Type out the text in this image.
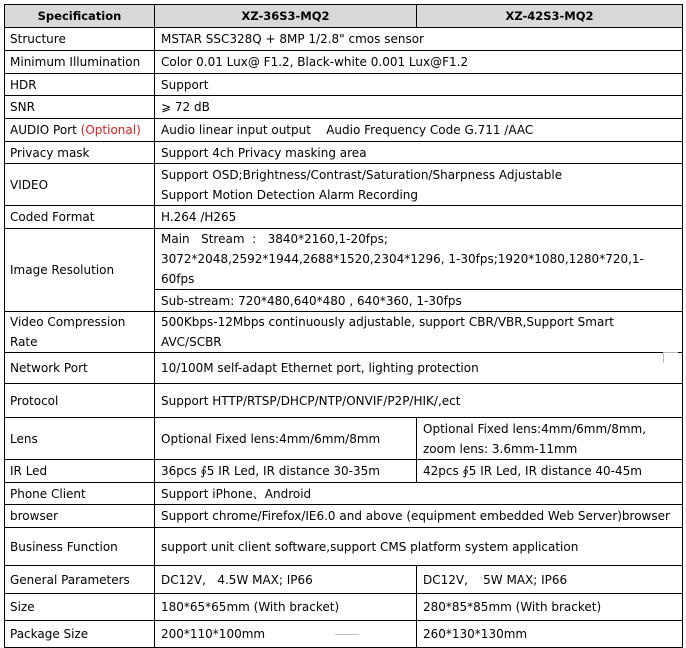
Specification	XZ-36S3-MQ2	XZ-42S3-MQ2
Structure	MSTAR SSC328Q + 8MP 1/2.8" cmos sensor	
Minimum Illumination	Color 0.01 Lux@ F1.2, Black-white 0.001 Lux@F1.2	
HDR	Support	
SNR	⩾ 72 dB	
AUDIO Port (Optional)	Audio linear input output    Audio Frequency Code G.711 /AAC	
Privacy mask	Support 4ch Privacy masking area	
VIDEO	Support OSD;Brightness/Contrast/Saturation/Sharpness Adjustable
Support Motion Detection Alarm Recording	

Coded Format	H.264 /H265	
Image Resolution	Main   Stream  :   3840*2160,1-20fps;   3072*2048,2592*1944,2688*1520,2304*1296, 1-30fps;1920*1080,1280*720,1-60fps	
	Sub-stream: 720*480,640*480 , 640*360, 1-30fps	
Video Compression Rate	500Kbps-12Mbps continuously adjustable, support CBR/VBR,Support Smart AVC/SCBR	
Network Port	10/100M self-adapt Ethernet port, lighting protection	
Protocol	Support HTTP/RTSP/DHCP/NTP/ONVIF/P2P/HIK/,ect	
Lens	Optional Fixed lens:4mm/6mm/8mm	Optional Fixed lens:4mm/6mm/8mm, zoom lens: 3.6mm-11mm
IR Led	36pcs ∮5 IR Led, IR distance 30-35m	42pcs ∮5 IR Led, IR distance 40-45m
Phone Client	Support iPhone、Android	
browser	Support chrome/Firefox/IE6.0 and above (equipment embedded Web Server)browser	
Business Function	support unit client software,support CMS platform system application	
General Parameters	DC12V,   4.5W MAX; IP66	DC12V,    5W MAX; IP66
Size	180*65*65mm (With bracket)	280*85*85mm (With bracket)
Package Size	200*110*100mm	260*130*130mm
